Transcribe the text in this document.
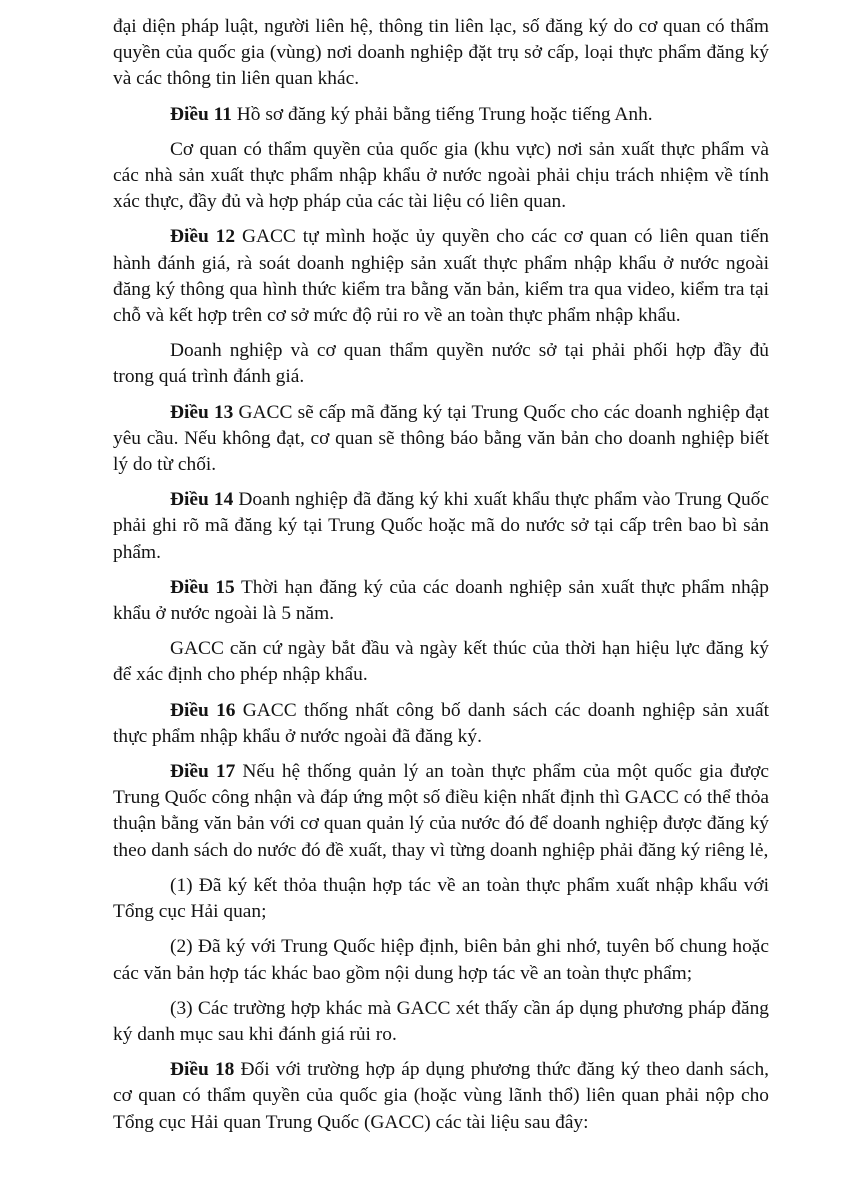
đại diện pháp luật, người liên hệ, thông tin liên lạc, số đăng ký do cơ quan có thẩm quyền của quốc gia (vùng) nơi doanh nghiệp đặt trụ sở cấp, loại thực phẩm đăng ký và các thông tin liên quan khác.

Điều 11 Hồ sơ đăng ký phải bằng tiếng Trung hoặc tiếng Anh.

Cơ quan có thẩm quyền của quốc gia (khu vực) nơi sản xuất thực phẩm và các nhà sản xuất thực phẩm nhập khẩu ở nước ngoài phải chịu trách nhiệm về tính xác thực, đầy đủ và hợp pháp của các tài liệu có liên quan.

Điều 12 GACC tự mình hoặc ủy quyền cho các cơ quan có liên quan tiến hành đánh giá, rà soát doanh nghiệp sản xuất thực phẩm nhập khẩu ở nước ngoài đăng ký thông qua hình thức kiểm tra bằng văn bản, kiểm tra qua video, kiểm tra tại chỗ và kết hợp trên cơ sở mức độ rủi ro về an toàn thực phẩm nhập khẩu.

Doanh nghiệp và cơ quan thẩm quyền nước sở tại phải phối hợp đầy đủ trong quá trình đánh giá.

Điều 13 GACC sẽ cấp mã đăng ký tại Trung Quốc cho các doanh nghiệp đạt yêu cầu. Nếu không đạt, cơ quan sẽ thông báo bằng văn bản cho doanh nghiệp biết lý do từ chối.

Điều 14 Doanh nghiệp đã đăng ký khi xuất khẩu thực phẩm vào Trung Quốc phải ghi rõ mã đăng ký tại Trung Quốc hoặc mã do nước sở tại cấp trên bao bì sản phẩm.

Điều 15 Thời hạn đăng ký của các doanh nghiệp sản xuất thực phẩm nhập khẩu ở nước ngoài là 5 năm.

GACC căn cứ ngày bắt đầu và ngày kết thúc của thời hạn hiệu lực đăng ký để xác định cho phép nhập khẩu.

Điều 16 GACC thống nhất công bố danh sách các doanh nghiệp sản xuất thực phẩm nhập khẩu ở nước ngoài đã đăng ký.

Điều 17 Nếu hệ thống quản lý an toàn thực phẩm của một quốc gia được Trung Quốc công nhận và đáp ứng một số điều kiện nhất định thì GACC có thể thỏa thuận bằng văn bản với cơ quan quản lý của nước đó để doanh nghiệp được đăng ký theo danh sách do nước đó đề xuất, thay vì từng doanh nghiệp phải đăng ký riêng lẻ,

(1) Đã ký kết thỏa thuận hợp tác về an toàn thực phẩm xuất nhập khẩu với Tổng cục Hải quan;

(2) Đã ký với Trung Quốc hiệp định, biên bản ghi nhớ, tuyên bố chung hoặc các văn bản hợp tác khác bao gồm nội dung hợp tác về an toàn thực phẩm;

(3) Các trường hợp khác mà GACC xét thấy cần áp dụng phương pháp đăng ký danh mục sau khi đánh giá rủi ro.

Điều 18 Đối với trường hợp áp dụng phương thức đăng ký theo danh sách, cơ quan có thẩm quyền của quốc gia (hoặc vùng lãnh thổ) liên quan phải nộp cho Tổng cục Hải quan Trung Quốc (GACC) các tài liệu sau đây:
